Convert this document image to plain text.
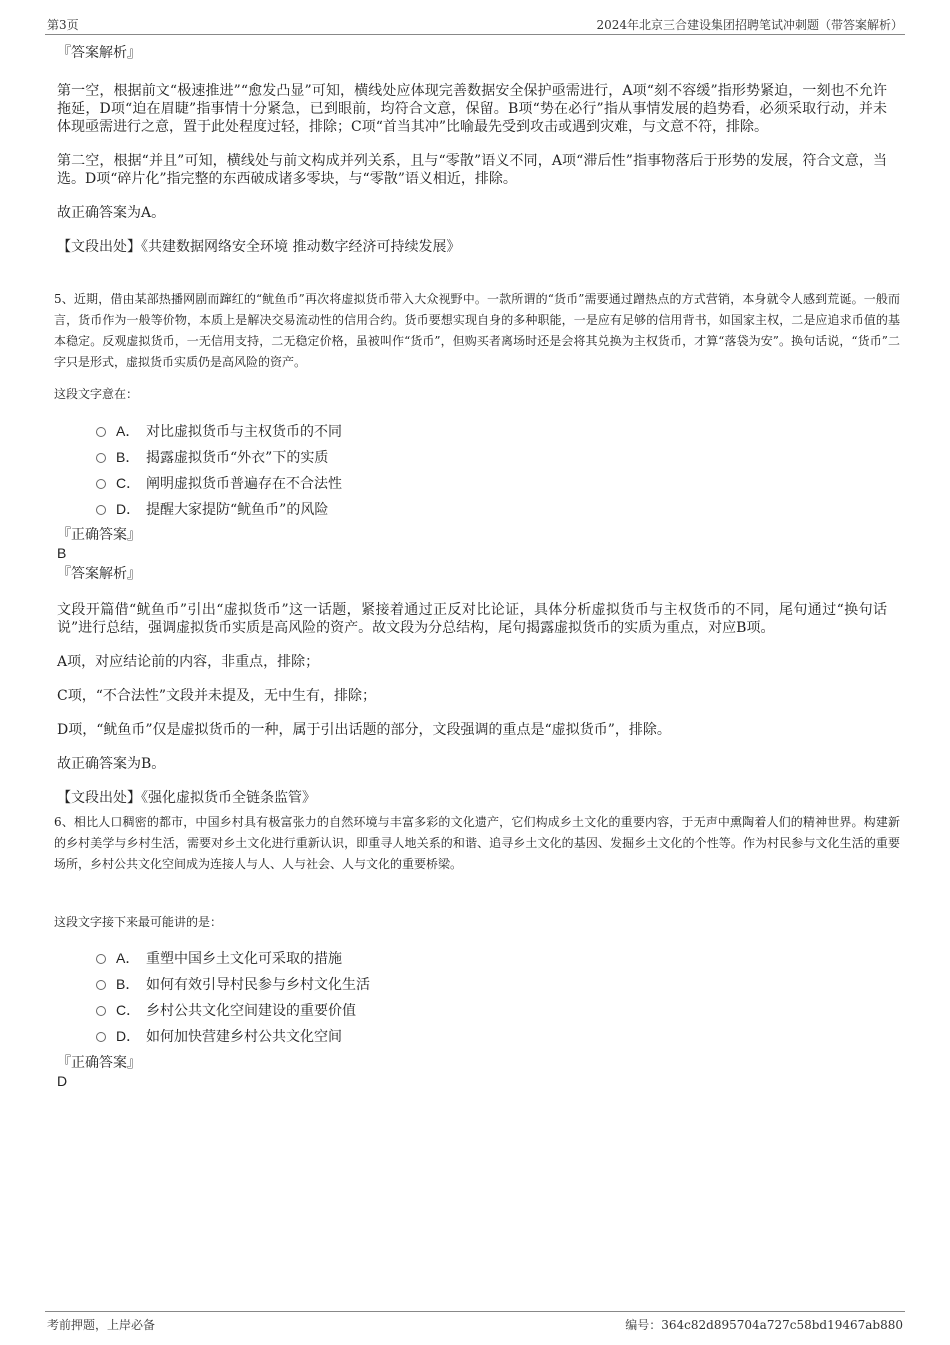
第3页	2024年北京三合建设集团招聘笔试冲刺题（带答案解析）
『答案解析』
第一空，根据前文“极速推进”“愈发凸显”可知，横线处应体现完善数据安全保护亟需进行，A项“刻不容缓”指形势紧迫，一刻也不允许拖延，D项“迫在眉睫”指事情十分紧急，已到眼前，均符合文意，保留。B项“势在必行”指从事情发展的趋势看，必须采取行动，并未体现亟需进行之意，置于此处程度过轻，排除；C项“首当其冲”比喻最先受到攻击或遇到灾难，与文意不符，排除。
第二空，根据“并且”可知，横线处与前文构成并列关系，且与“零散”语义不同，A项“滞后性”指事物落后于形势的发展，符合文意，当选。D项“碎片化”指完整的东西破成诸多零块，与“零散”语义相近，排除。
故正确答案为A。
【文段出处】《共建数据网络安全环境 推动数字经济可持续发展》
5、近期，借由某部热播网剧而蹿红的“鱿鱼币”再次将虚拟货币带入大众视野中。一款所谓的“货币”需要通过蹭热点的方式营销，本身就令人感到荒诞。一般而言，货币作为一般等价物，本质上是解决交易流动性的信用合约。货币要想实现自身的多种职能，一是应有足够的信用背书，如国家主权，二是应追求币值的基本稳定。反观虚拟货币，一无信用支持，二无稳定价格，虽被叫作“货币”，但购买者离场时还是会将其兑换为主权货币，才算“落袋为安”。换句话说，“货币”二字只是形式，虚拟货币实质仍是高风险的资产。
这段文字意在：
A． 对比虚拟货币与主权货币的不同
B． 揭露虚拟货币“外衣”下的实质
C． 阐明虚拟货币普遍存在不合法性
D． 提醒大家提防“鱿鱼币”的风险
『正确答案』
B
『答案解析』
文段开篇借“鱿鱼币”引出“虚拟货币”这一话题，紧接着通过正反对比论证，具体分析虚拟货币与主权货币的不同，尾句通过“换句话说”进行总结，强调虚拟货币实质是高风险的资产。故文段为分总结构，尾句揭露虚拟货币的实质为重点，对应B项。
A项，对应结论前的内容，非重点，排除；
C项，“不合法性”文段并未提及，无中生有，排除；
D项，“鱿鱼币”仅是虚拟货币的一种，属于引出话题的部分，文段强调的重点是“虚拟货币”，排除。
故正确答案为B。
【文段出处】《强化虚拟货币全链条监管》
6、相比人口稠密的都市，中国乡村具有极富张力的自然环境与丰富多彩的文化遗产，它们构成乡土文化的重要内容，于无声中熏陶着人们的精神世界。构建新的乡村美学与乡村生活，需要对乡土文化进行重新认识，即重寻人地关系的和谐、追寻乡土文化的基因、发掘乡土文化的个性等。作为村民参与文化生活的重要场所，乡村公共文化空间成为连接人与人、人与社会、人与文化的重要桥梁。
这段文字接下来最可能讲的是：
A． 重塑中国乡土文化可采取的措施
B． 如何有效引导村民参与乡村文化生活
C． 乡村公共文化空间建设的重要价值
D． 如何加快营建乡村公共文化空间
『正确答案』
D
考前押题，上岸必备	编号：364c82d895704a727c58bd19467ab880
